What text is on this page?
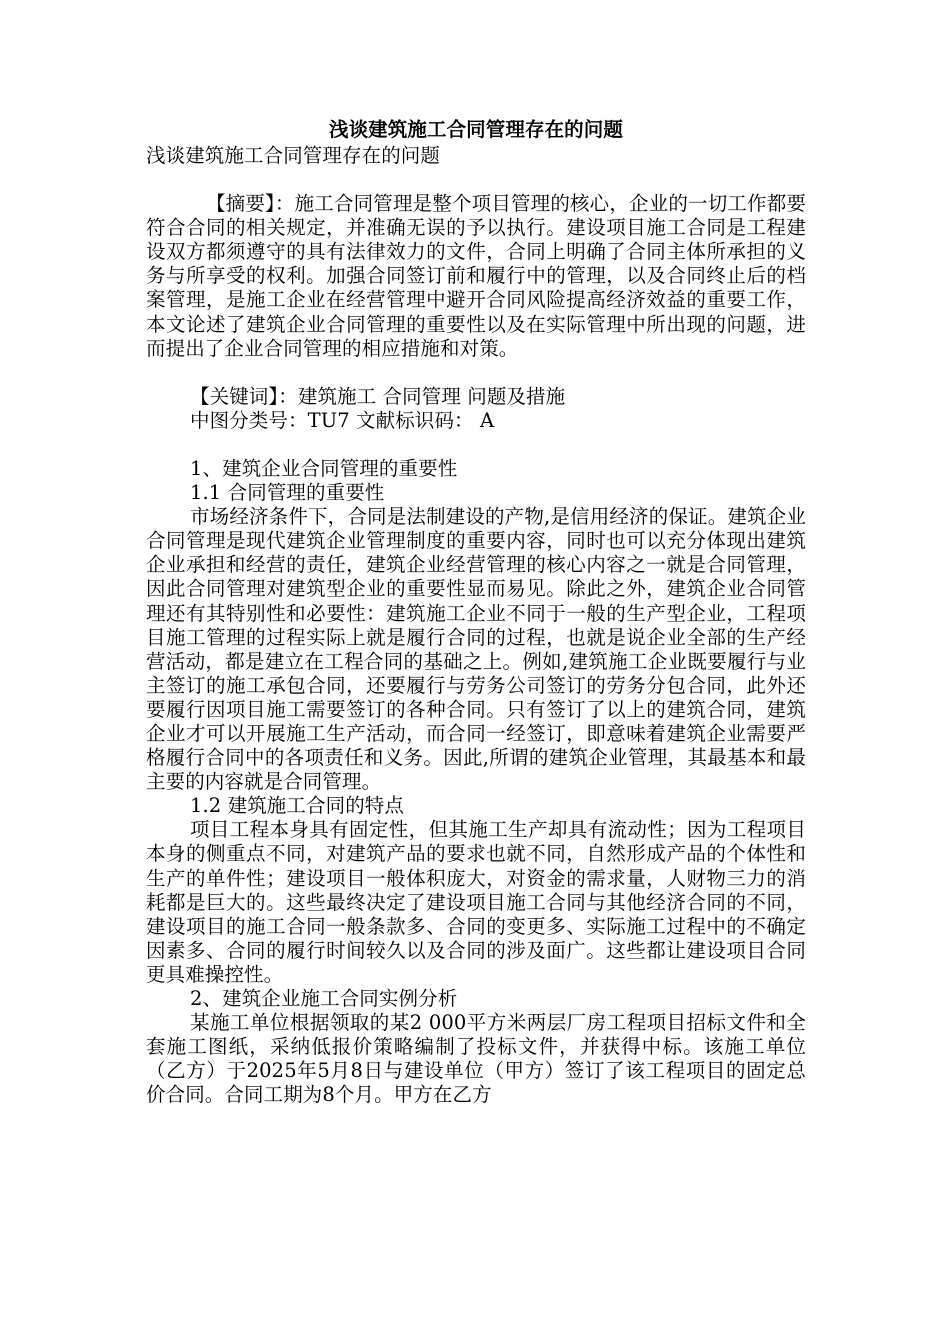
浅谈建筑施工合同管理存在的问题

浅谈建筑施工合同管理存在的问题

【摘要】：施工合同管理是整个项目管理的核心，企业的一切工作都要符合合同的相关规定，并准确无误的予以执行。建设项目施工合同是工程建设双方都须遵守的具有法律效力的文件，合同上明确了合同主体所承担的义务与所享受的权利。加强合同签订前和履行中的管理，以及合同终止后的档案管理，是施工企业在经营管理中避开合同风险提高经济效益的重要工作，本文论述了建筑企业合同管理的重要性以及在实际管理中所出现的问题，进而提出了企业合同管理的相应措施和对策。

【关键词】：建筑施工 合同管理 问题及措施

中图分类号：TU7 文献标识码： A

1、建筑企业合同管理的重要性

1.1 合同管理的重要性

市场经济条件下，合同是法制建设的产物,是信用经济的保证。建筑企业合同管理是现代建筑企业管理制度的重要内容，同时也可以充分体现出建筑企业承担和经营的责任，建筑企业经营管理的核心内容之一就是合同管理，因此合同管理对建筑型企业的重要性显而易见。除此之外，建筑企业合同管理还有其特别性和必要性：建筑施工企业不同于一般的生产型企业，工程项目施工管理的过程实际上就是履行合同的过程，也就是说企业全部的生产经营活动，都是建立在工程合同的基础之上。例如,建筑施工企业既要履行与业主签订的施工承包合同，还要履行与劳务公司签订的劳务分包合同，此外还要履行因项目施工需要签订的各种合同。只有签订了以上的建筑合同，建筑企业才可以开展施工生产活动，而合同一经签订，即意味着建筑企业需要严格履行合同中的各项责任和义务。因此,所谓的建筑企业管理，其最基本和最主要的内容就是合同管理。

1.2 建筑施工合同的特点

项目工程本身具有固定性，但其施工生产却具有流动性；因为工程项目本身的侧重点不同，对建筑产品的要求也就不同，自然形成产品的个体性和生产的单件性；建设项目一般体积庞大，对资金的需求量，人财物三力的消耗都是巨大的。这些最终决定了建设项目施工合同与其他经济合同的不同，建设项目的施工合同一般条款多、合同的变更多、实际施工过程中的不确定因素多、合同的履行时间较久以及合同的涉及面广。这些都让建设项目合同更具难操控性。

2、建筑企业施工合同实例分析

某施工单位根据领取的某2 000平方米两层厂房工程项目招标文件和全套施工图纸，采纳低报价策略编制了投标文件，并获得中标。该施工单位（乙方）于2025年5月8日与建设单位（甲方）签订了该工程项目的固定总价合同。合同工期为8个月。甲方在乙方
